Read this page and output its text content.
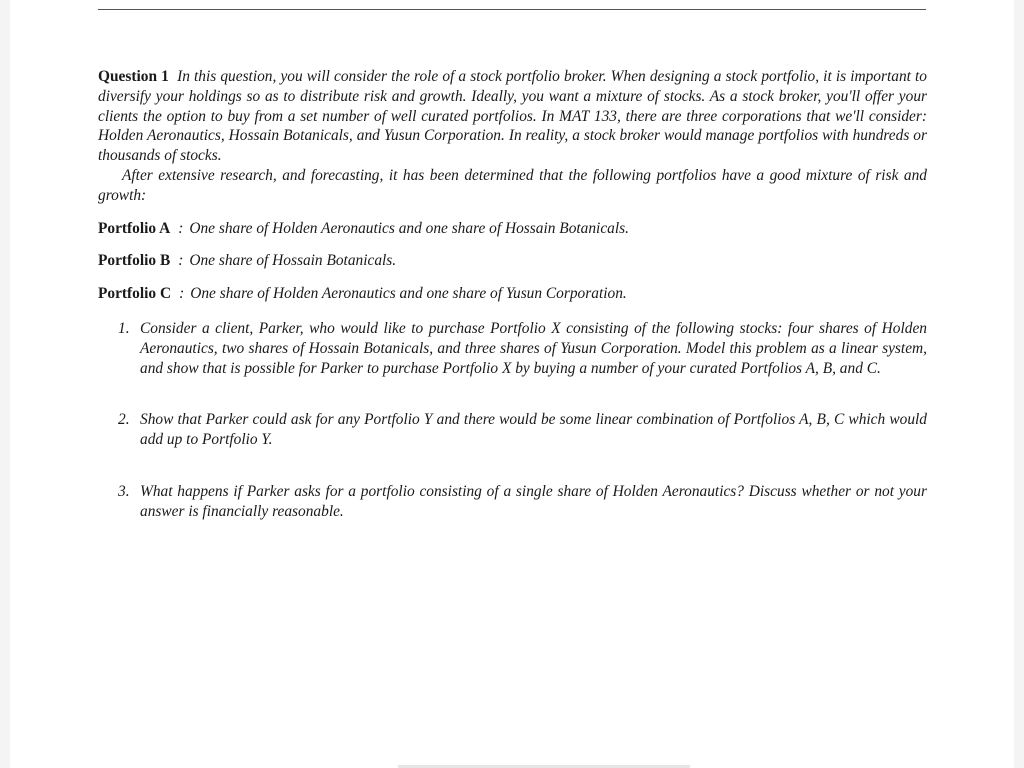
Question 1 In this question, you will consider the role of a stock portfolio broker. When designing a stock portfolio, it is important to diversify your holdings so as to distribute risk and growth. Ideally, you want a mixture of stocks. As a stock broker, you'll offer your clients the option to buy from a set number of well curated portfolios. In MAT 133, there are three corporations that we'll consider: Holden Aeronautics, Hossain Botanicals, and Yusun Corporation. In reality, a stock broker would manage portfolios with hundreds or thousands of stocks.

After extensive research, and forecasting, it has been determined that the following portfolios have a good mixture of risk and growth:

Portfolio A : One share of Holden Aeronautics and one share of Hossain Botanicals.
Portfolio B : One share of Hossain Botanicals.
Portfolio C : One share of Holden Aeronautics and one share of Yusun Corporation.
1. Consider a client, Parker, who would like to purchase Portfolio X consisting of the following stocks: four shares of Holden Aeronautics, two shares of Hossain Botanicals, and three shares of Yusun Corporation. Model this problem as a linear system, and show that is possible for Parker to purchase Portfolio X by buying a number of your curated Portfolios A, B, and C.
2. Show that Parker could ask for any Portfolio Y and there would be some linear combination of Portfolios A, B, C which would add up to Portfolio Y.
3. What happens if Parker asks for a portfolio consisting of a single share of Holden Aeronautics? Discuss whether or not your answer is financially reasonable.
